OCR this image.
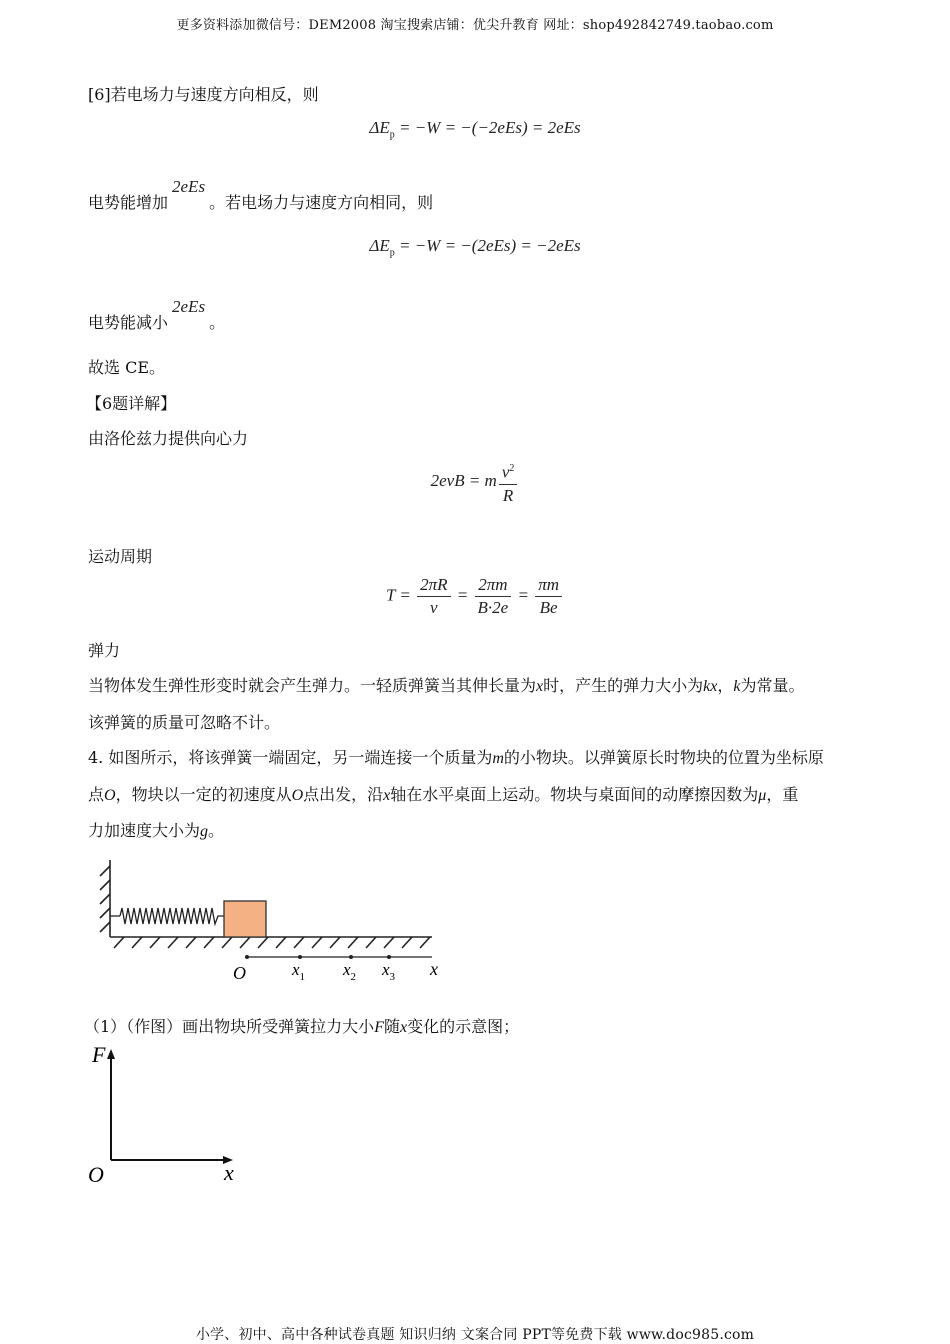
更多资料添加微信号：DEM2008 淘宝搜索店铺：优尖升教育 网址：shop492842749.taobao.com
[6]若电场力与速度方向相反，则
$\Delta E_p = -W = -(-2eEs) = 2eEs$
电势能增加2eEs。若电场力与速度方向相同，则
$\Delta E_p = -W = -(2eEs) = -2eEs$
电势能减小2eEs。
故选 CE。
【6题详解】
由洛伦兹力提供向心力
2evB = m $\frac{v^2}{R}$
运动周期
$T = \frac{2\pi R}{v} = \frac{2\pi m}{B\cdot 2e} = \frac{\pi m}{Be}$
弹力
当物体发生弹性形变时就会产生弹力。一轻质弹簧当其伸长量为x时，产生的弹力大小为kx，k为常量。
该弹簧的质量可忽略不计。
4. 如图所示，将该弹簧一端固定，另一端连接一个质量为m的小物块。以弹簧原长时物块的位置为坐标原
点O，物块以一定的初速度从O点出发，沿x轴在水平桌面上运动。物块与桌面间的动摩擦因数为μ，重
力加速度大小为g。
O	$x_1$ $x_2$ $x_3$ x
（1）（作图）画出物块所受弹簧拉力大小F随x变化的示意图；
F
O	x
小学、初中、高中各种试卷真题 知识归纳 文案合同 PPT等免费下载 www.doc985.com
